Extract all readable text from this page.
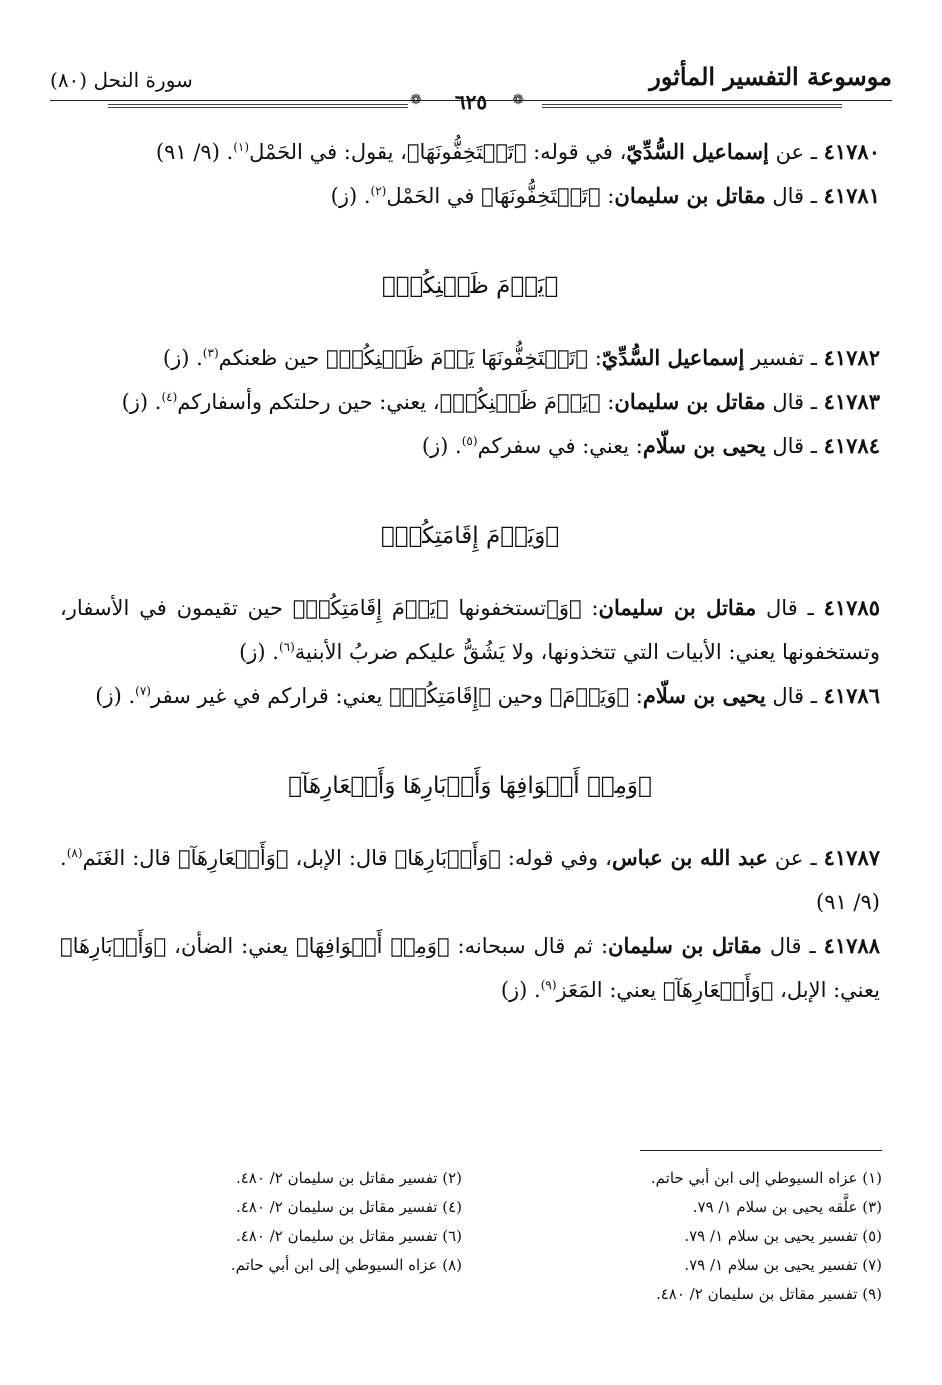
موسوعة التفسير المأثور
سورة النحل (٨٠)
❁	٦٢٥	❁

٤١٧٨٠ ـ عن إسماعيل السُّدِّيّ، في قوله: ﴿تَسۡتَخِفُّونَهَا﴾، يقول: في الحَمْل$^{(١)}$. (٩/ ٩١)

٤١٧٨١ ـ قال مقاتل بن سليمان: ﴿تَسۡتَخِفُّونَهَا﴾ في الحَمْل$^{(٢)}$. (ز)

﴿يَوۡمَ ظَعۡنِكُمۡ﴾

٤١٧٨٢ ـ تفسير إسماعيل السُّدِّيّ: ﴿تَسۡتَخِفُّونَهَا يَوۡمَ ظَعۡنِكُمۡ﴾ حين ظعنكم$^{(٣)}$. (ز)

٤١٧٨٣ ـ قال مقاتل بن سليمان: ﴿يَوۡمَ ظَعۡنِكُمۡ﴾، يعني: حين رحلتكم وأسفاركم$^{(٤)}$. (ز)

٤١٧٨٤ ـ قال يحيى بن سلّام: يعني: في سفركم$^{(٥)}$. (ز)

﴿وَيَوۡمَ إِقَامَتِكُمۡ﴾

٤١٧٨٥ ـ قال مقاتل بن سليمان: ﴿وَ﴾تستخفونها ﴿يَوۡمَ إِقَامَتِكُمۡ﴾ حين تقيمون في الأسفار، وتستخفونها يعني: الأبيات التي تتخذونها، ولا يَشُقُّ عليكم ضربُ الأبنية$^{(٦)}$. (ز)

٤١٧٨٦ ـ قال يحيى بن سلّام: ﴿وَيَوۡمَ﴾ وحين ﴿إِقَامَتِكُمۡ﴾ يعني: قراركم في غير سفر$^{(٧)}$. (ز)

﴿وَمِنۡ أَصۡوَافِهَا وَأَوۡبَارِهَا وَأَشۡعَارِهَآ﴾

٤١٧٨٧ ـ عن عبد الله بن عباس، وفي قوله: ﴿وَأَوۡبَارِهَا﴾ قال: الإبل، ﴿وَأَشۡعَارِهَآ﴾ قال: الغَنَم$^{(٨)}$. (٩/ ٩١)

٤١٧٨٨ ـ قال مقاتل بن سليمان: ثم قال سبحانه: ﴿وَمِنۡ أَصۡوَافِهَا﴾ يعني: الضأن، ﴿وَأَوۡبَارِهَا﴾ يعني: الإبل، ﴿وَأَشۡعَارِهَآ﴾ يعني: المَعَز$^{(٩)}$. (ز)

(١) عزاه السيوطي إلى ابن أبي حاتم.

(٣) علَّقه يحيى بن سلام ١/ ٧٩.

(٥) تفسير يحيى بن سلام ١/ ٧٩.

(٧) تفسير يحيى بن سلام ١/ ٧٩.

(٩) تفسير مقاتل بن سليمان ٢/ ٤٨٠.

(٢) تفسير مقاتل بن سليمان ٢/ ٤٨٠.

(٤) تفسير مقاتل بن سليمان ٢/ ٤٨٠.

(٦) تفسير مقاتل بن سليمان ٢/ ٤٨٠.

(٨) عزاه السيوطي إلى ابن أبي حاتم.
